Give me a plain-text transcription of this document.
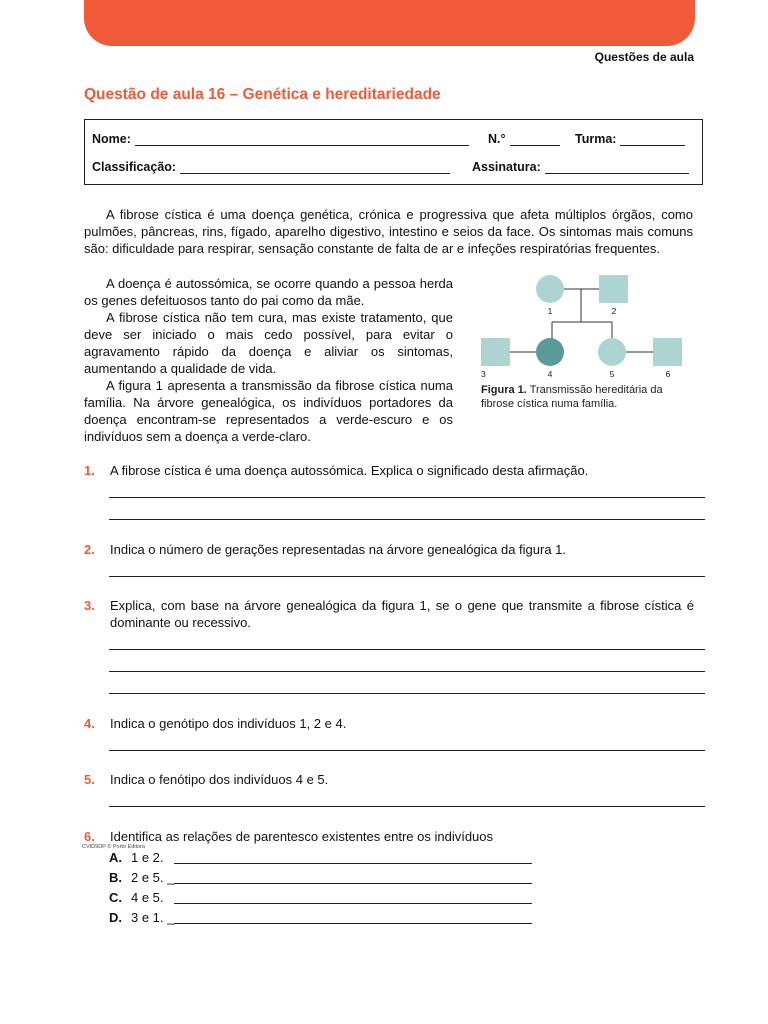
Questões de aula
Questão de aula 16 – Genética e hereditariedade
Nome:	N.°	Turma:
Classificação:	Assinatura:

A fibrose cística é uma doença genética, crónica e progressiva que afeta múltiplos órgãos, como pulmões, pâncreas, rins, fígado, aparelho digestivo, intestino e seios da face. Os sintomas mais comuns são: dificuldade para respirar, sensação constante de falta de ar e infeções respiratórias frequentes.

A doença é autossómica, se ocorre quando a pessoa herda os genes defeituosos tanto do pai como da mãe.

A fibrose cística não tem cura, mas existe tratamento, que deve ser iniciado o mais cedo possível, para evitar o agravamento rápido da doença e aliviar os sintomas, aumentando a qualidade de vida.

A figura 1 apresenta a transmissão da fibrose cística numa família. Na árvore genealógica, os indivíduos portadores da doença encontram-se representados a verde-escuro e os indivíduos sem a doença a verde-claro.

1	2
3	4	5	6
Figura 1. Transmissão hereditária da fibrose cística numa família.
1. A fibrose cística é uma doença autossómica. Explica o significado desta afirmação.
2. Indica o número de gerações representadas na árvore genealógica da figura 1.
3. Explica, com base na árvore genealógica da figura 1, se o gene que transmite a fibrose cística é dominante ou recessivo.
4. Indica o genótipo dos indivíduos 1, 2 e 4.
5. Indica o fenótipo dos indivíduos 4 e 5.
6. Identifica as relações de parentesco existentes entre os indivíduos
CVID9DP © Porto Editora
A. 1 e 2.
B. 2 e 5. _
C. 4 e 5.
D. 3 e 1. _
